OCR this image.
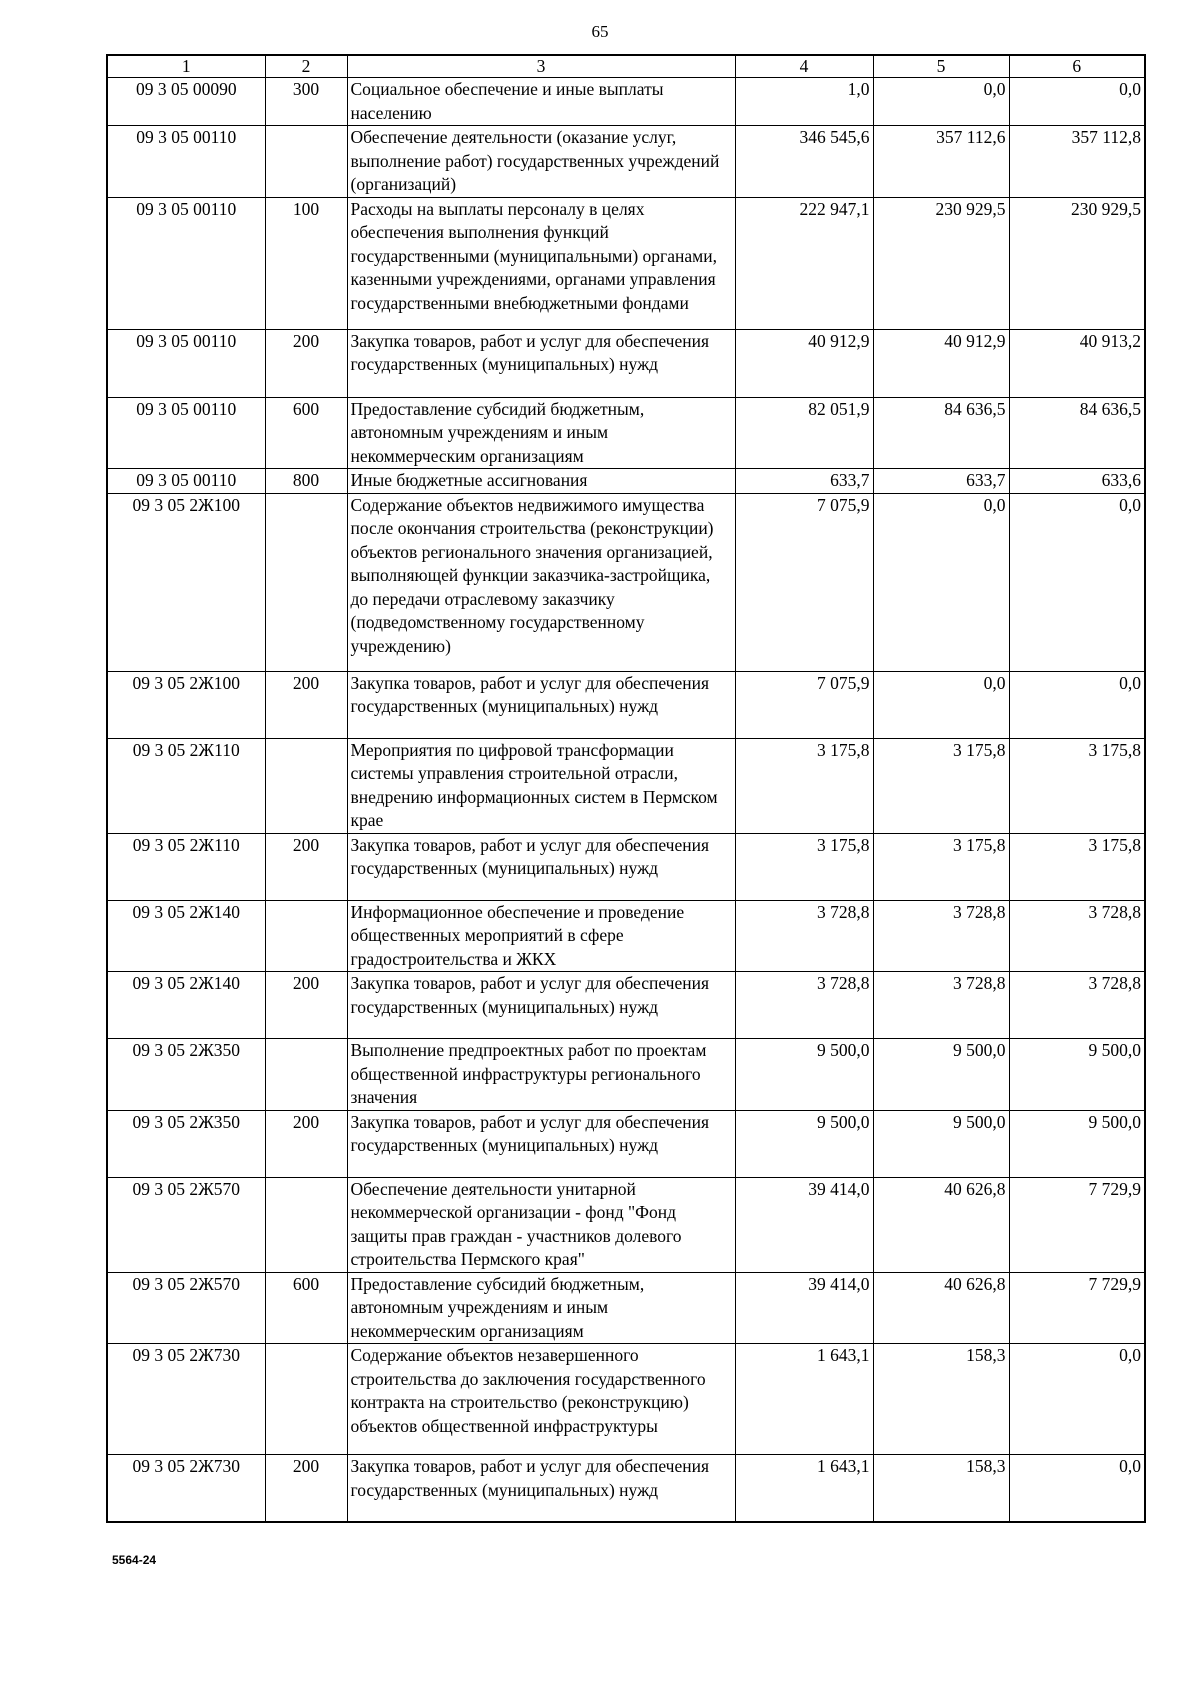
65
1	2	3	4	5	6
09 3 05 00090	300	Социальное обеспечение и иные выплаты населению	1,0	0,0	0,0
09 3 05 00110		Обеспечение деятельности (оказание услуг, выполнение работ) государственных учреждений (организаций)	346 545,6	357 112,6	357 112,8
09 3 05 00110	100	Расходы на выплаты персоналу в целях обеспечения выполнения функций государственными (муниципальными) органами, казенными учреждениями, органами управления государственными внебюджетными фондами	222 947,1	230 929,5	230 929,5
09 3 05 00110	200	Закупка товаров, работ и услуг для обеспечения государственных (муниципальных) нужд	40 912,9	40 912,9	40 913,2
09 3 05 00110	600	Предоставление субсидий бюджетным, автономным учреждениям и иным некоммерческим организациям	82 051,9	84 636,5	84 636,5
09 3 05 00110	800	Иные бюджетные ассигнования	633,7	633,7	633,6
09 3 05 2Ж100		Содержание объектов недвижимого имущества после окончания строительства (реконструкции) объектов регионального значения организацией, выполняющей функции заказчика-застройщика, до передачи отраслевому заказчику (подведомственному государственному учреждению)	7 075,9	0,0	0,0
09 3 05 2Ж100	200	Закупка товаров, работ и услуг для обеспечения государственных (муниципальных) нужд	7 075,9	0,0	0,0
09 3 05 2Ж110		Мероприятия по цифровой трансформации системы управления строительной отрасли, внедрению информационных систем в Пермском крае	3 175,8	3 175,8	3 175,8
09 3 05 2Ж110	200	Закупка товаров, работ и услуг для обеспечения государственных (муниципальных) нужд	3 175,8	3 175,8	3 175,8
09 3 05 2Ж140		Информационное обеспечение и проведение общественных мероприятий в сфере градостроительства и ЖКХ	3 728,8	3 728,8	3 728,8
09 3 05 2Ж140	200	Закупка товаров, работ и услуг для обеспечения государственных (муниципальных) нужд	3 728,8	3 728,8	3 728,8
09 3 05 2Ж350		Выполнение предпроектных работ по проектам общественной инфраструктуры регионального значения	9 500,0	9 500,0	9 500,0
09 3 05 2Ж350	200	Закупка товаров, работ и услуг для обеспечения государственных (муниципальных) нужд	9 500,0	9 500,0	9 500,0
09 3 05 2Ж570		Обеспечение деятельности унитарной некоммерческой организации - фонд "Фонд защиты прав граждан - участников долевого строительства Пермского края"	39 414,0	40 626,8	7 729,9
09 3 05 2Ж570	600	Предоставление субсидий бюджетным, автономным учреждениям и иным некоммерческим организациям	39 414,0	40 626,8	7 729,9
09 3 05 2Ж730		Содержание объектов незавершенного строительства до заключения государственного контракта на строительство (реконструкцию) объектов общественной инфраструктуры	1 643,1	158,3	0,0
09 3 05 2Ж730	200	Закупка товаров, работ и услуг для обеспечения государственных (муниципальных) нужд	1 643,1	158,3	0,0
5564-24
